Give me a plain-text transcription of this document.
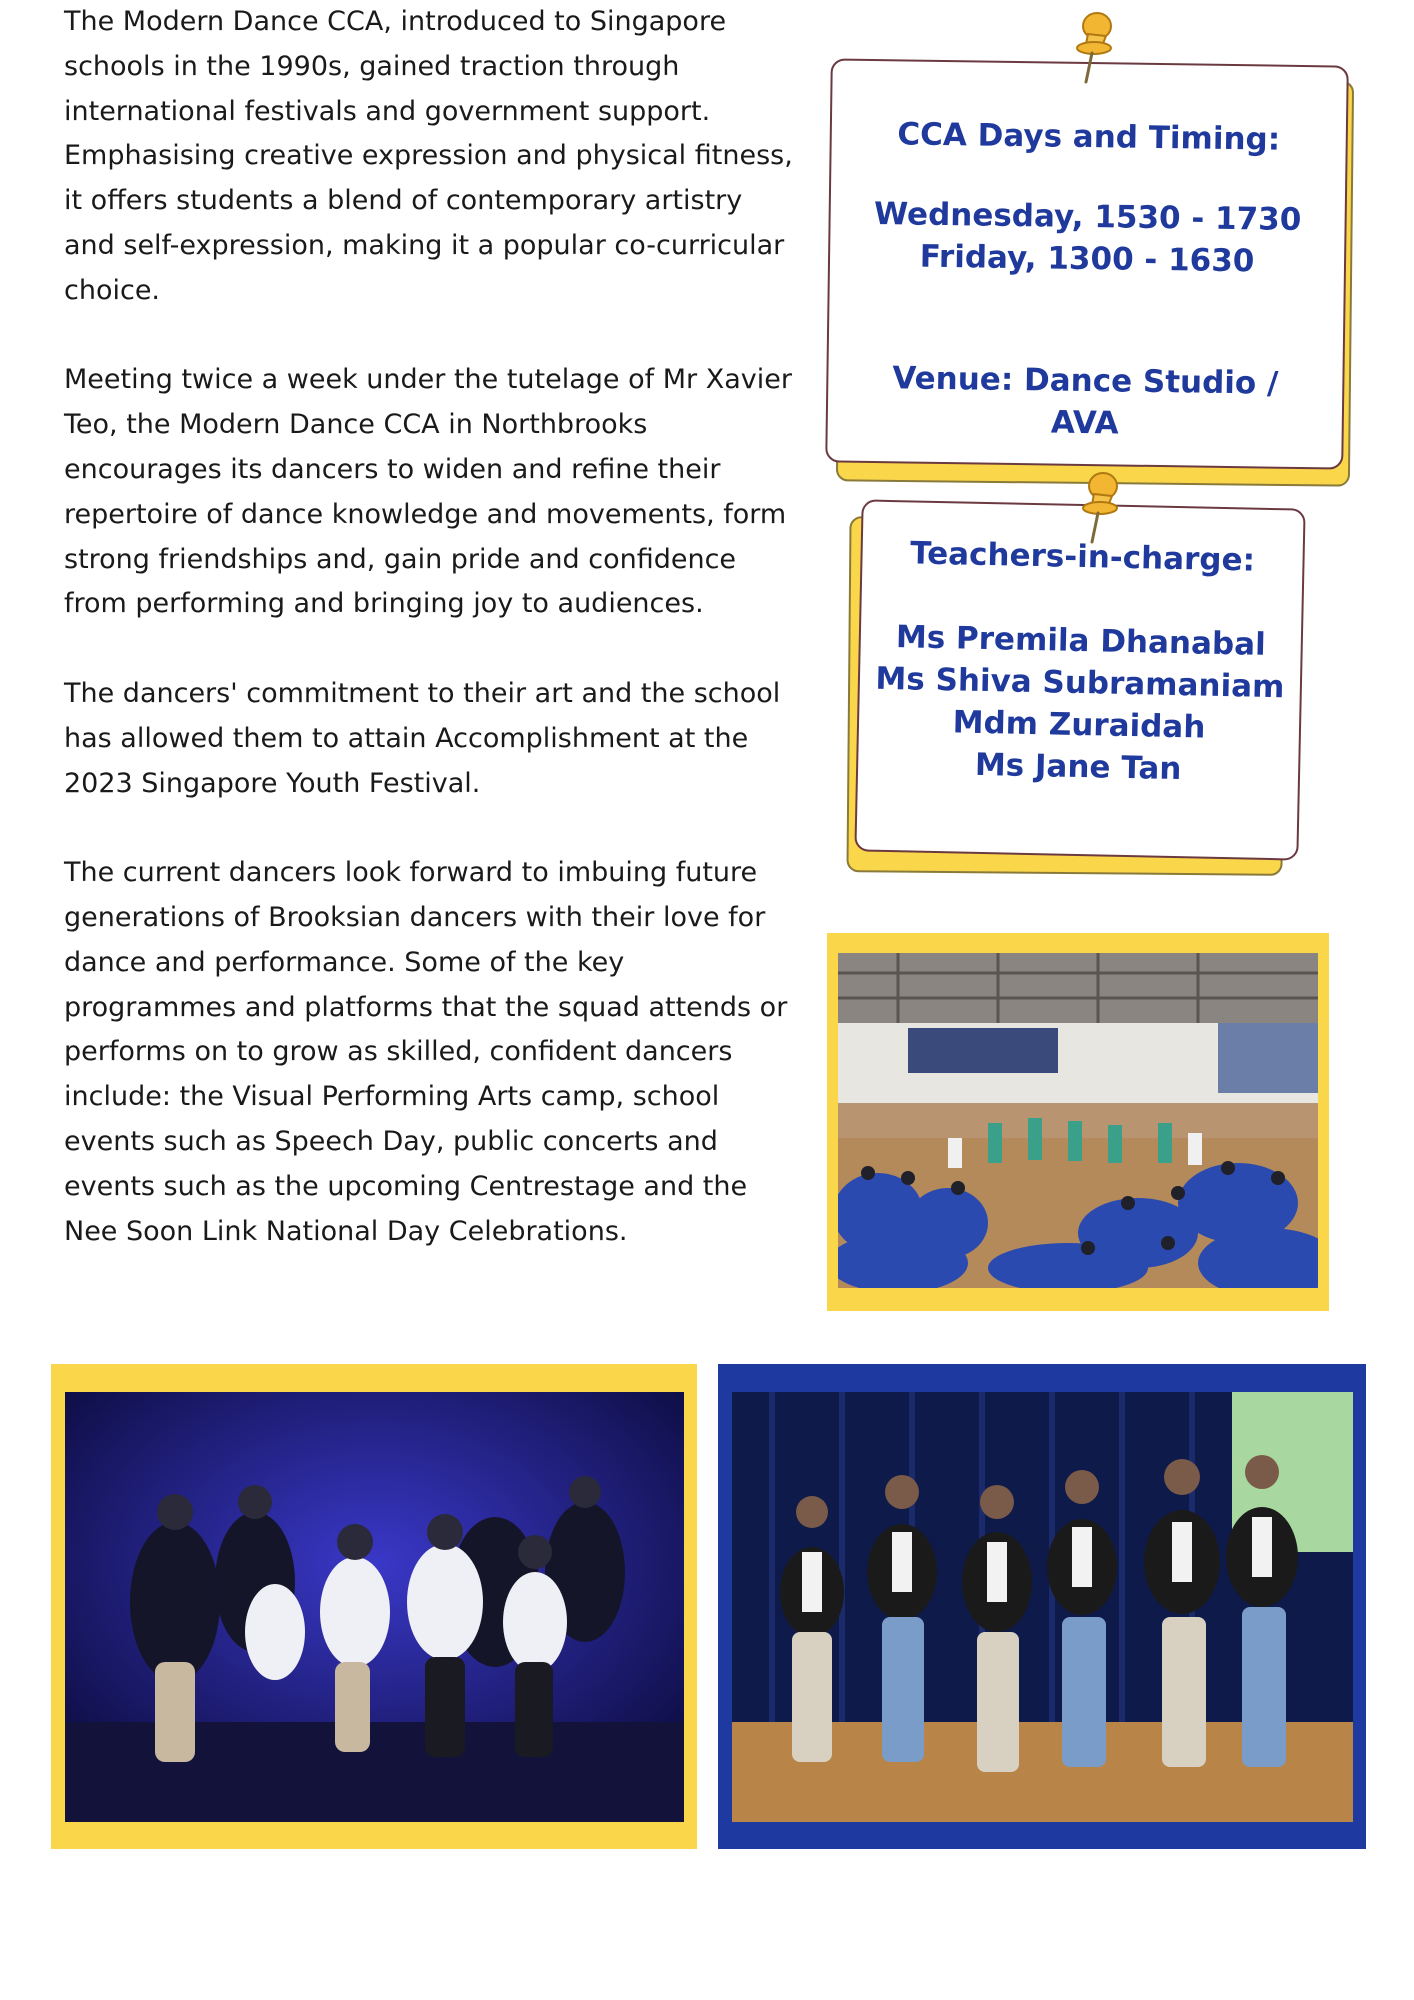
The Modern Dance CCA, introduced to Singapore schools in the 1990s, gained traction through international festivals and government support. Emphasising creative expression and physical fitness, it offers students a blend of contemporary artistry and self-expression, making it a popular co-curricular choice.

Meeting twice a week under the tutelage of Mr Xavier Teo, the Modern Dance CCA in Northbrooks encourages its dancers to widen and refine their repertoire of dance knowledge and movements, form strong friendships and, gain pride and confidence from performing and bringing joy to audiences.

The dancers' commitment to their art and the school has allowed them to attain Accomplishment at the 2023 Singapore Youth Festival.

The current dancers look forward to imbuing future generations of Brooksian dancers with their love for dance and performance. Some of the key programmes and platforms that the squad attends or performs on to grow as skilled, confident dancers include: the Visual Performing Arts camp, school events such as Speech Day, public concerts and events such as the upcoming Centrestage and the Nee Soon Link National Day Celebrations.

CCA Days and Timing:
Wednesday, 1530 - 1730
Friday, 1300 - 1630
Venue: Dance Studio /
AVA
Teachers-in-charge:
Ms Premila Dhanabal
Ms Shiva Subramaniam
Mdm Zuraidah
Ms Jane Tan
